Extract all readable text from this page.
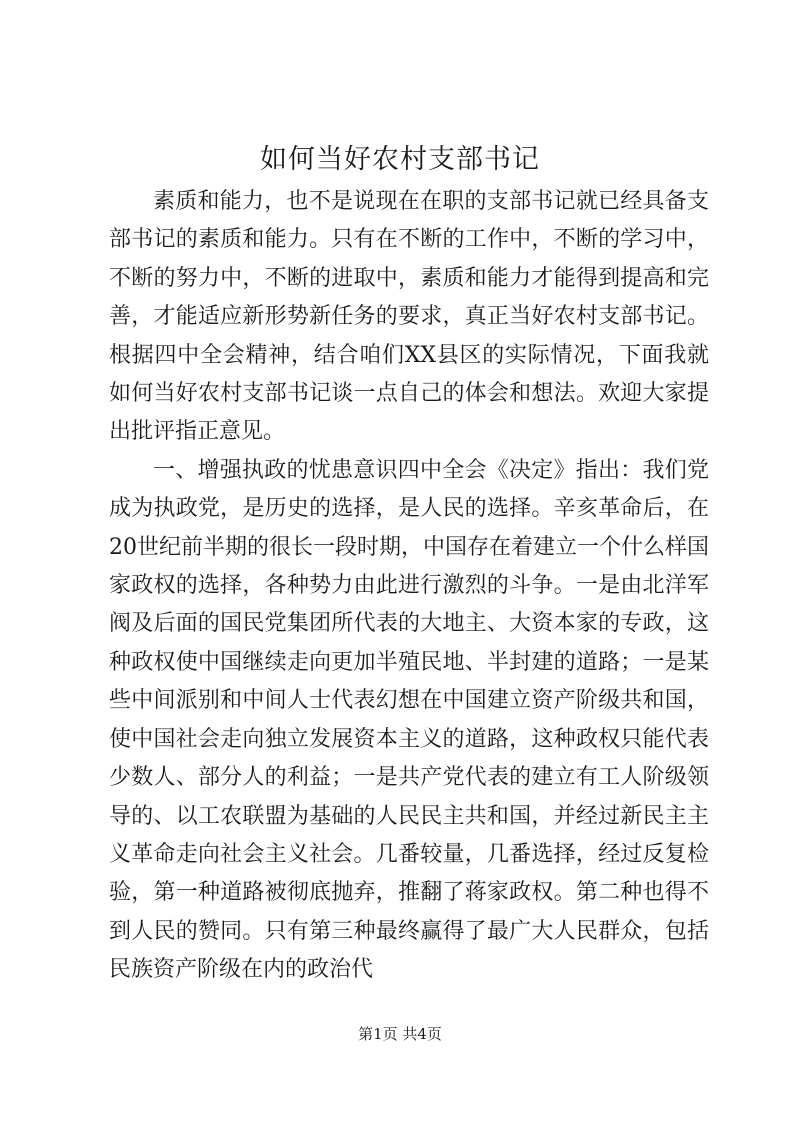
如何当好农村支部书记

素质和能力，也不是说现在在职的支部书记就已经具备支部书记的素质和能力。只有在不断的工作中，不断的学习中，不断的努力中，不断的进取中，素质和能力才能得到提高和完善，才能适应新形势新任务的要求，真正当好农村支部书记。根据四中全会精神，结合咱们XX县区的实际情况，下面我就如何当好农村支部书记谈一点自己的体会和想法。欢迎大家提出批评指正意见。

一、增强执政的忧患意识四中全会《决定》指出：我们党成为执政党，是历史的选择，是人民的选择。辛亥革命后，在20世纪前半期的很长一段时期，中国存在着建立一个什么样国家政权的选择，各种势力由此进行激烈的斗争。一是由北洋军阀及后面的国民党集团所代表的大地主、大资本家的专政，这种政权使中国继续走向更加半殖民地、半封建的道路；一是某些中间派别和中间人士代表幻想在中国建立资产阶级共和国，使中国社会走向独立发展资本主义的道路，这种政权只能代表少数人、部分人的利益；一是共产党代表的建立有工人阶级领导的、以工农联盟为基础的人民民主共和国，并经过新民主主义革命走向社会主义社会。几番较量，几番选择，经过反复检验，第一种道路被彻底抛弃，推翻了蒋家政权。第二种也得不到人民的赞同。只有第三种最终赢得了最广大人民群众，包括民族资产阶级在内的政治代

第1页 共4页
